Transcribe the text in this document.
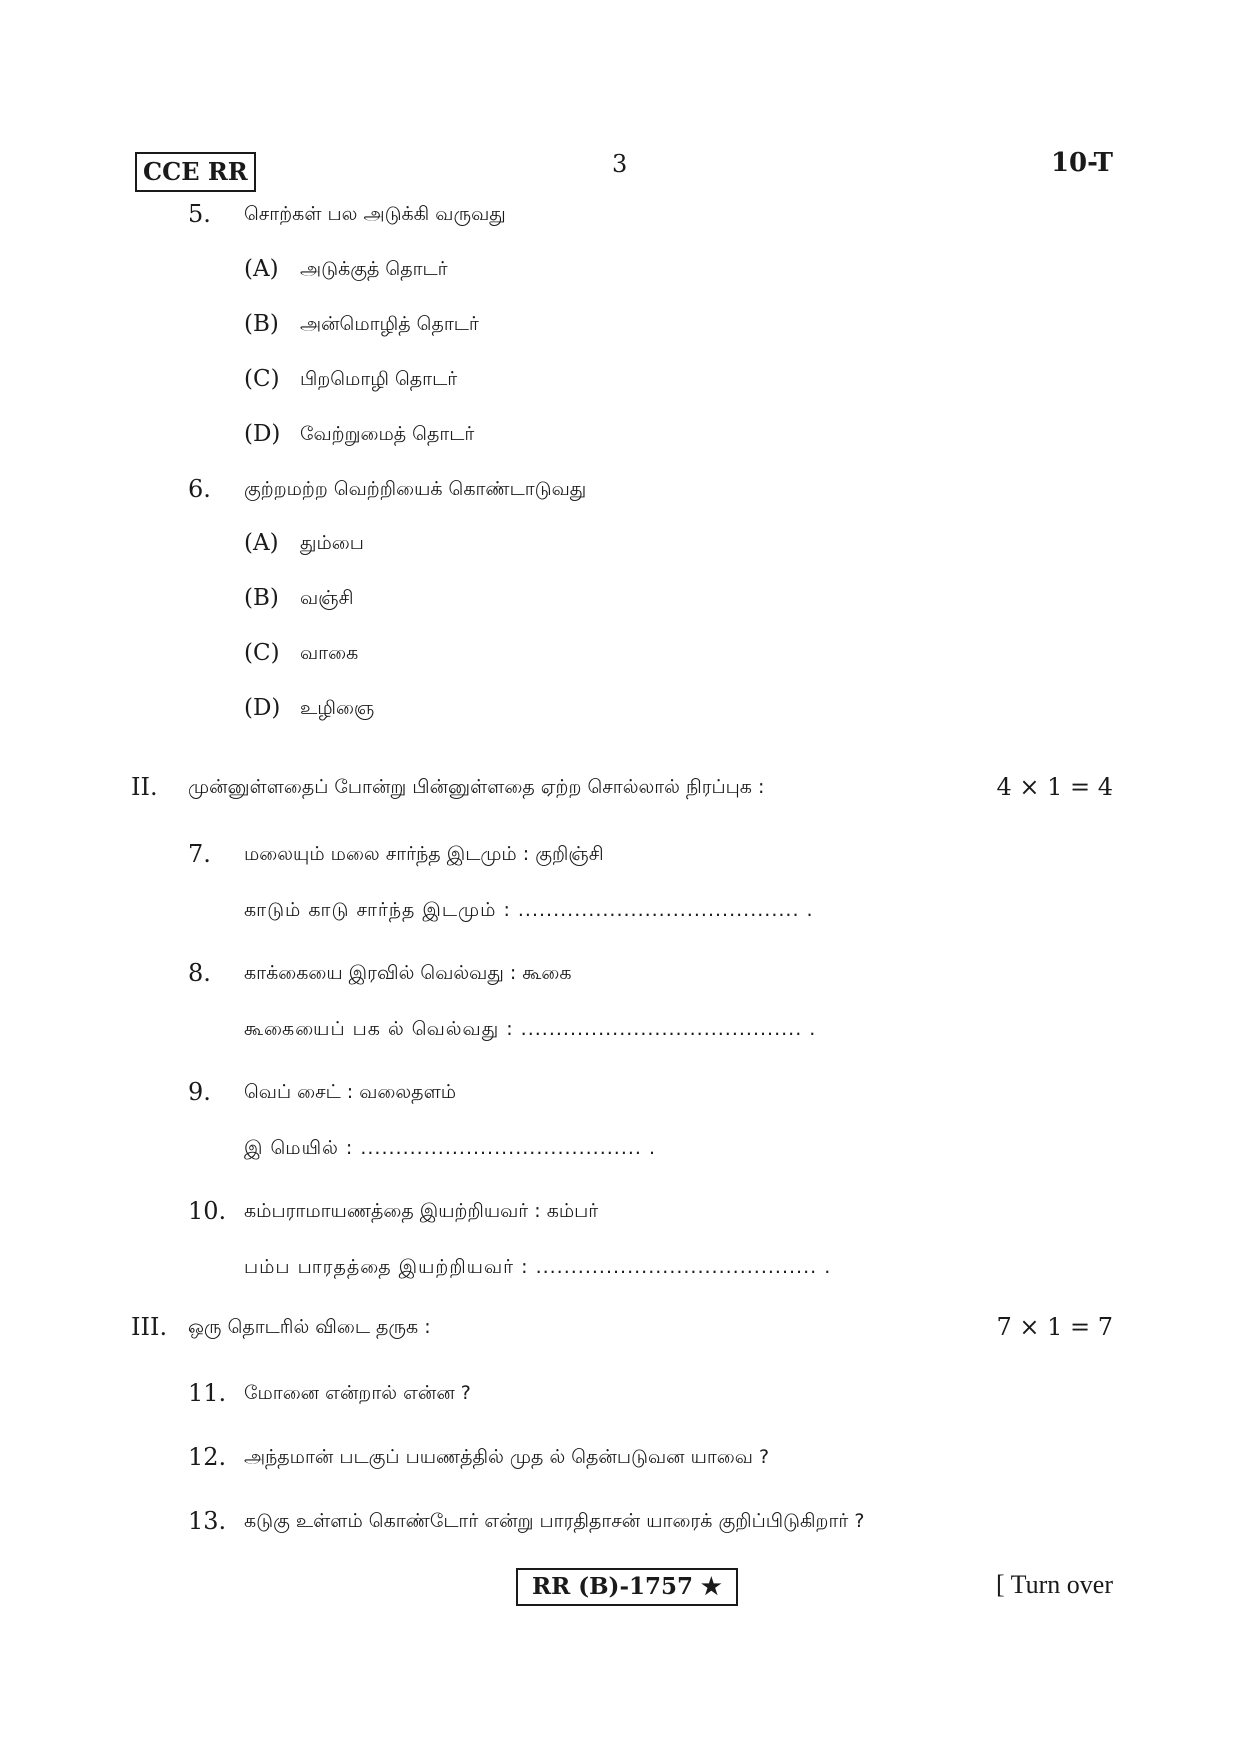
CCE RR	3	10-T
5. சொற்கள் பல அடுக்கி வருவது
(A) அடுக்குத் தொடர்
(B) அன்மொழித் தொடர்
(C) பிறமொழி தொடர்
(D) வேற்றுமைத் தொடர்
6. குற்றமற்ற வெற்றியைக் கொண்டாடுவது
(A) தும்பை
(B) வஞ்சி
(C) வாகை
(D) உழிஞை
II. முன்னுள்ளதைப் போன்று பின்னுள்ளதை ஏற்ற சொல்லால் நிரப்புக :	4 × 1 = 4
7. மலையும் மலை சார்ந்த இடமும் : குறிஞ்சி
காடும் காடு சார்ந்த இடமும் : ........................................ .
8. காக்கையை இரவில் வெல்வது : கூகை
கூகையைப் பக ல் வெல்வது : ........................................ .
9. வெப் சைட் : வலைதளம்
இ மெயில் : ........................................ .
10. கம்பராமாயணத்தை இயற்றியவர் : கம்பர்
பம்ப பாரதத்தை இயற்றியவர் : ........................................ .
III. ஒரு தொடரில் விடை தருக :	7 × 1 = 7
11. மோனை என்றால் என்ன ?
12. அந்தமான் படகுப் பயணத்தில் முத ல் தென்படுவன யாவை ?
13. கடுகு உள்ளம் கொண்டோர் என்று பாரதிதாசன் யாரைக் குறிப்பிடுகிறார் ?
RR (B)-1757 ★	[ Turn over
